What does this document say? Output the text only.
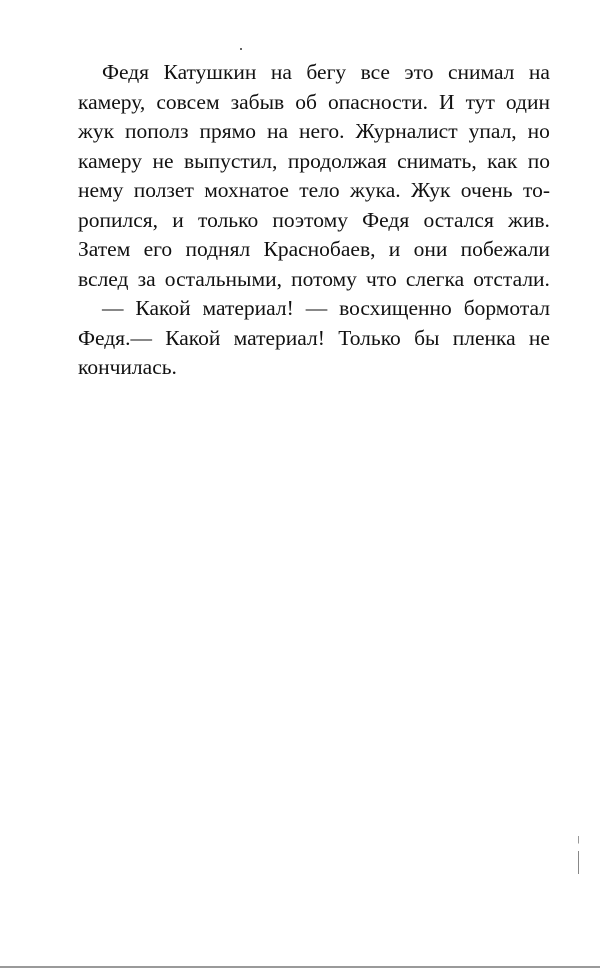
Федя Катушкин на бегу все это снимал на
камеру, совсем забыв об опасности. И тут один
жук пополз прямо на него. Журналист упал, но
камеру не выпустил, продолжая снимать, как по
нему ползет мохнатое тело жука. Жук очень то-
ропился, и только поэтому Федя остался жив.
Затем его поднял Краснобаев, и они побежали
вслед за остальными, потому что слегка отстали.
— Какой материал! — восхищенно бормотал
Федя.— Какой материал! Только бы пленка не
кончилась.
